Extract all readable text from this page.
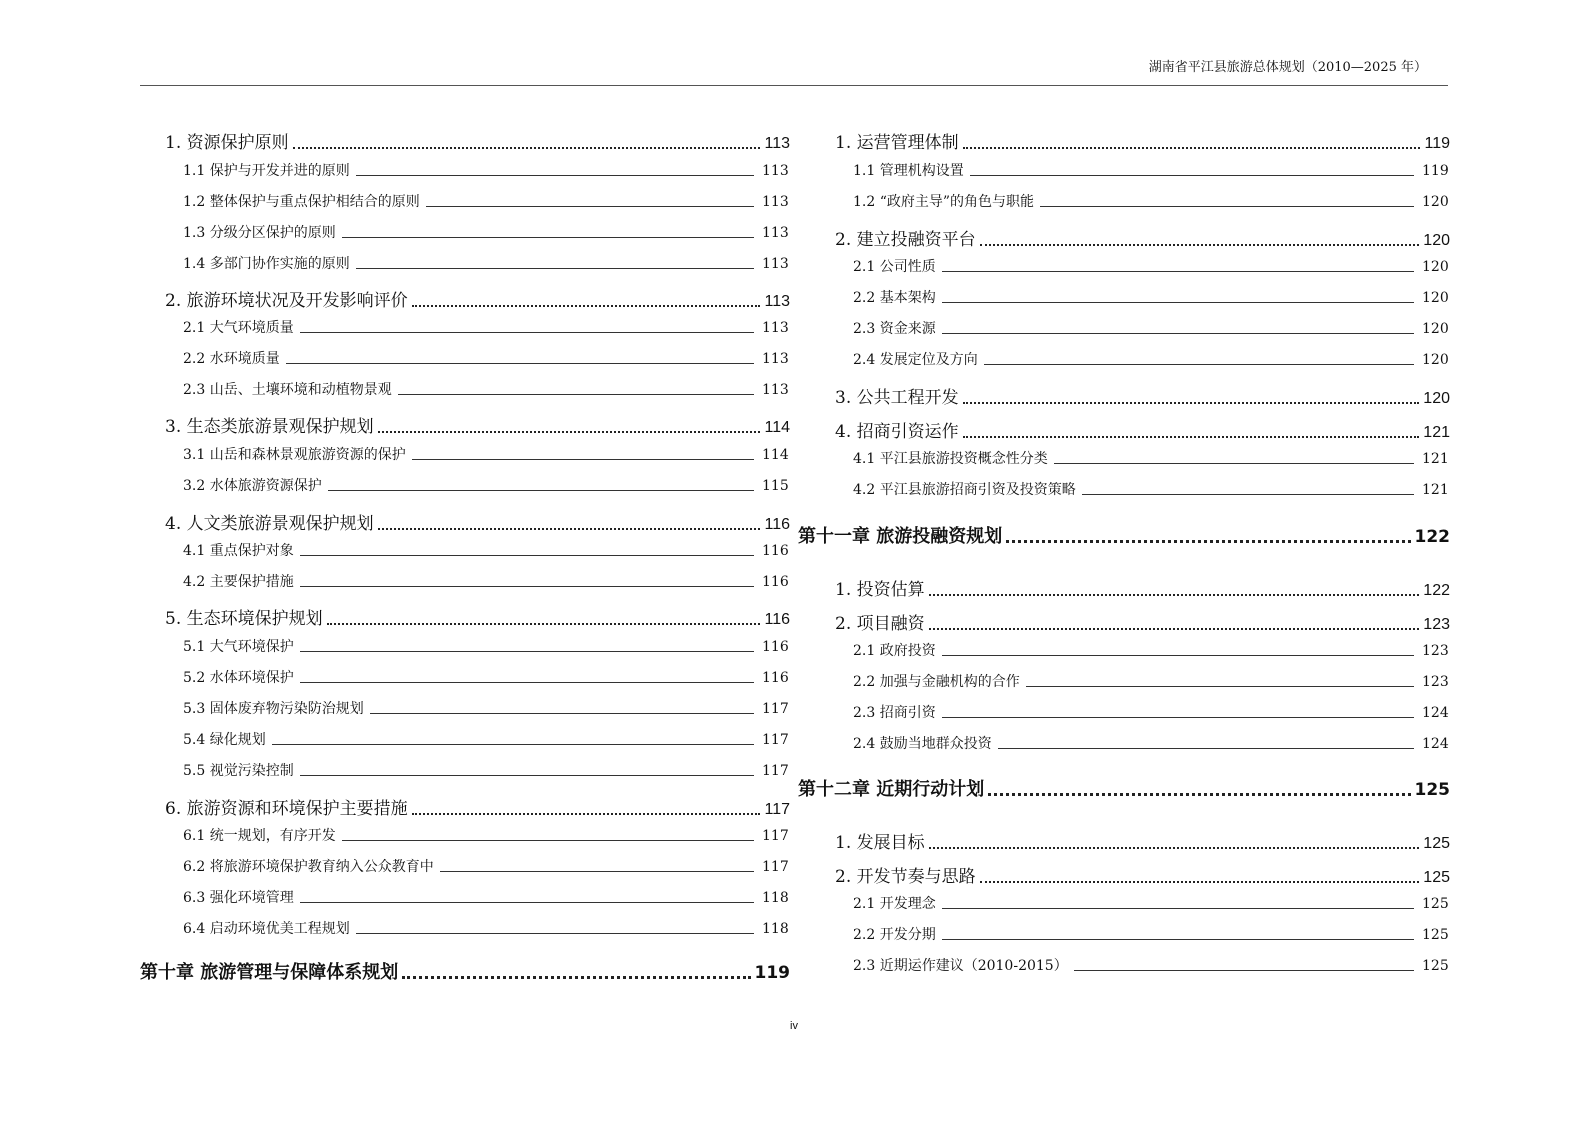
湖南省平江县旅游总体规划（2010—2025 年）
1. 资源保护原则	113
1.1 保护与开发并进的原则	113
1.2 整体保护与重点保护相结合的原则	113
1.3 分级分区保护的原则	113
1.4 多部门协作实施的原则	113
2. 旅游环境状况及开发影响评价	113
2.1 大气环境质量	113
2.2 水环境质量	113
2.3 山岳、土壤环境和动植物景观	113
3. 生态类旅游景观保护规划	114
3.1 山岳和森林景观旅游资源的保护	114
3.2 水体旅游资源保护	115
4. 人文类旅游景观保护规划	116
4.1 重点保护对象	116
4.2 主要保护措施	116
5. 生态环境保护规划	116
5.1 大气环境保护	116
5.2 水体环境保护	116
5.3 固体废弃物污染防治规划	117
5.4 绿化规划	117
5.5 视觉污染控制	117
6. 旅游资源和环境保护主要措施	117
6.1 统一规划，有序开发	117
6.2 将旅游环境保护教育纳入公众教育中	117
6.3 强化环境管理	118
6.4 启动环境优美工程规划	118
第十章 旅游管理与保障体系规划	119
1. 运营管理体制	119
1.1 管理机构设置	119
1.2 “政府主导”的角色与职能	120
2. 建立投融资平台	120
2.1 公司性质	120
2.2 基本架构	120
2.3 资金来源	120
2.4 发展定位及方向	120
3. 公共工程开发	120
4. 招商引资运作	121
4.1 平江县旅游投资概念性分类	121
4.2 平江县旅游招商引资及投资策略	121
第十一章 旅游投融资规划	122
1. 投资估算	122
2. 项目融资	123
2.1 政府投资	123
2.2 加强与金融机构的合作	123
2.3 招商引资	124
2.4 鼓励当地群众投资	124
第十二章 近期行动计划	125
1. 发展目标	125
2. 开发节奏与思路	125
2.1 开发理念	125
2.2 开发分期	125
2.3 近期运作建议（2010-2015）	125
iv
